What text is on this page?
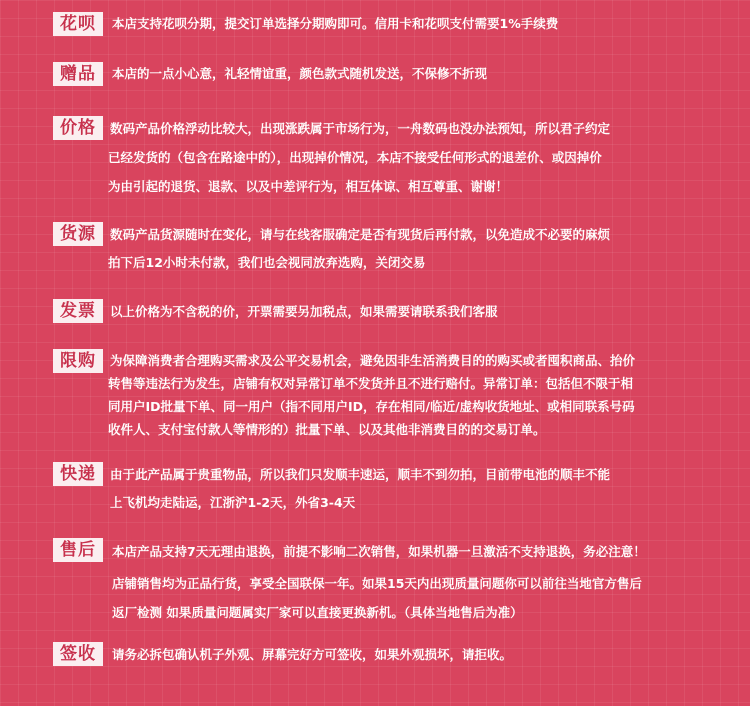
花呗	本店支持花呗分期，提交订单选择分期购即可。信用卡和花呗支付需要1%手续费
赠品	本店的一点小心意，礼轻情谊重，颜色款式随机发送，不保修不折现
价格	数码产品价格浮动比较大，出现涨跌属于市场行为，一舟数码也没办法预知，所以君子约定
已经发货的（包含在路途中的），出现掉价情况，本店不接受任何形式的退差价、或因掉价
为由引起的退货、退款、以及中差评行为，相互体谅、相互尊重、谢谢！
货源	数码产品货源随时在变化，请与在线客服确定是否有现货后再付款，以免造成不必要的麻烦
拍下后12小时未付款，我们也会视同放弃选购，关闭交易
发票	以上价格为不含税的价，开票需要另加税点，如果需要请联系我们客服
限购	为保障消费者合理购买需求及公平交易机会，避免因非生活消费目的的购买或者囤积商品、抬价
转售等违法行为发生，店铺有权对异常订单不发货并且不进行赔付。异常订单：包括但不限于相
同用户ID批量下单、同一用户（指不同用户ID，存在相同/临近/虚构收货地址、或相同联系号码
收件人、支付宝付款人等情形的）批量下单、以及其他非消费目的的交易订单。
快递	由于此产品属于贵重物品，所以我们只发顺丰速运，顺丰不到勿拍，目前带电池的顺丰不能
上飞机均走陆运，江浙沪1-2天，外省3-4天
售后	本店产品支持7天无理由退换，前提不影响二次销售，如果机器一旦激活不支持退换，务必注意！
店铺销售均为正品行货，享受全国联保一年。如果15天内出现质量问题你可以前往当地官方售后
返厂检测 如果质量问题属实厂家可以直接更换新机。（具体当地售后为准）
签收	请务必拆包确认机子外观、屏幕完好方可签收，如果外观损坏，请拒收。
